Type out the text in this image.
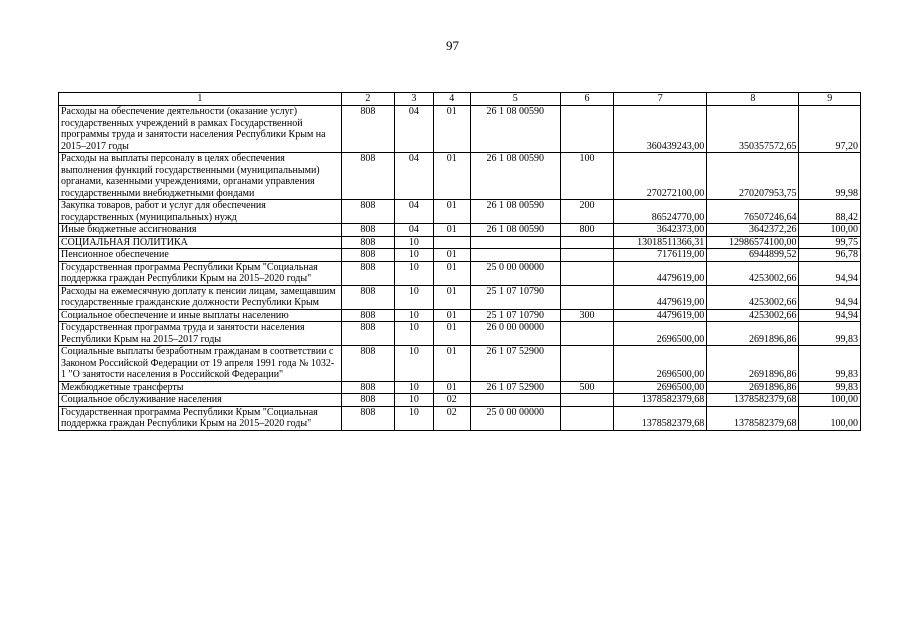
97
1	2	3	4	5	6	7	8	9
Расходы на обеспечение деятельности (оказание услуг) государственных учреждений в рамках Государственной программы труда и занятости населения Республики Крым на 2015–2017 годы	808	04	01	26 1 08 00590		360439243,00	350357572,65	97,20
Расходы на выплаты персоналу в целях обеспечения выполнения функций государственными (муниципальными) органами, казенными учреждениями, органами управления государственными внебюджетными фондами	808	04	01	26 1 08 00590	100	270272100,00	270207953,75	99,98
Закупка товаров, работ и услуг для обеспечения государственных (муниципальных) нужд	808	04	01	26 1 08 00590	200	86524770,00	76507246,64	88,42
Иные бюджетные ассигнования	808	04	01	26 1 08 00590	800	3642373,00	3642372,26	100,00
СОЦИАЛЬНАЯ ПОЛИТИКА	808	10				13018511366,31	12986574100,00	99,75
Пенсионное обеспечение	808	10	01			7176119,00	6944899,52	96,78
Государственная программа Республики Крым "Социальная поддержка граждан Республики Крым на 2015–2020 годы"	808	10	01	25 0 00 00000		4479619,00	4253002,66	94,94
Расходы на ежемесячную доплату к пенсии лицам, замещавшим государственные гражданские должности Республики Крым	808	10	01	25 1 07 10790		4479619,00	4253002,66	94,94
Социальное обеспечение и иные выплаты населению	808	10	01	25 1 07 10790	300	4479619,00	4253002,66	94,94
Государственная программа труда и занятости населения Республики Крым на 2015–2017 годы	808	10	01	26 0 00 00000		2696500,00	2691896,86	99,83
Социальные выплаты безработным гражданам в соответствии с Законом Российской Федерации от 19 апреля 1991 года № 1032-1 "О занятости населения в Российской Федерации"	808	10	01	26 1 07 52900		2696500,00	2691896,86	99,83
Межбюджетные трансферты	808	10	01	26 1 07 52900	500	2696500,00	2691896,86	99,83
Социальное обслуживание населения	808	10	02			1378582379,68	1378582379,68	100,00
Государственная программа Республики Крым "Социальная поддержка граждан Республики Крым на 2015–2020 годы"	808	10	02	25 0 00 00000		1378582379,68	1378582379,68	100,00
